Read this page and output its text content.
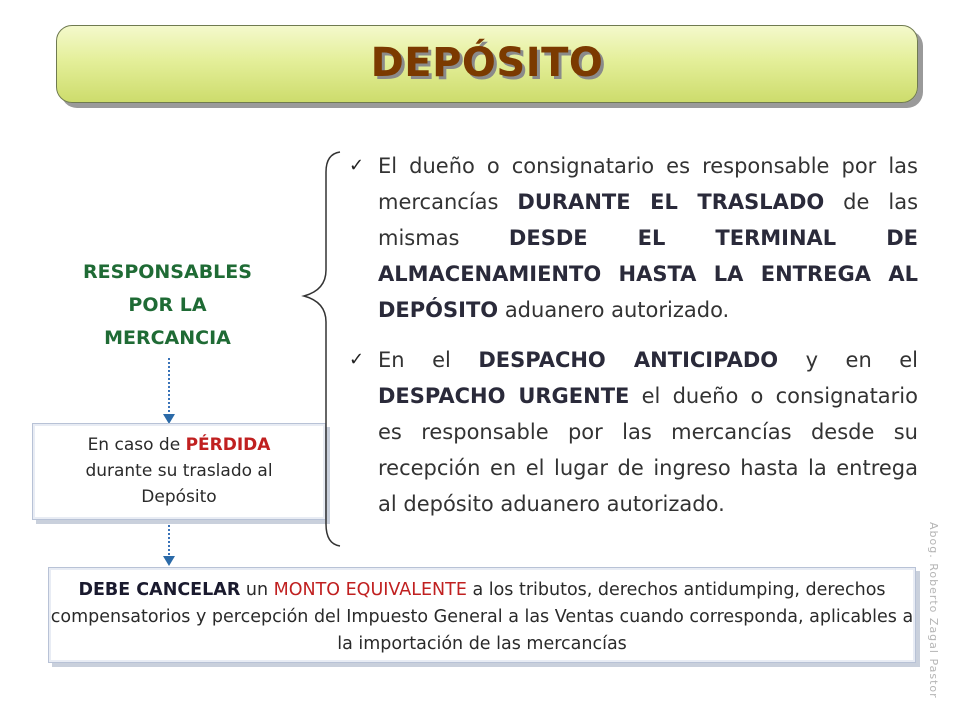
DEPÓSITO
RESPONSABLES
POR LA
MERCANCIA
En caso de PÉRDIDA
durante su traslado al Depósito
✓ El dueño o consignatario es responsable por las mercancías DURANTE EL TRASLADO de las mismas DESDE EL TERMINAL DE ALMACENAMIENTO HASTA LA ENTREGA AL DEPÓSITO aduanero autorizado.
✓ En el DESPACHO ANTICIPADO y en el DESPACHO URGENTE el dueño o consignatario es responsable por las mercancías desde su recepción en el lugar de ingreso hasta la entrega al depósito aduanero autorizado.
DEBE CANCELAR un MONTO EQUIVALENTE a los tributos, derechos antidumping, derechos compensatorios y percepción del Impuesto General a las Ventas cuando corresponda, aplicables a la importación de las mercancías	Abog. Roberto Zagal Pastor
